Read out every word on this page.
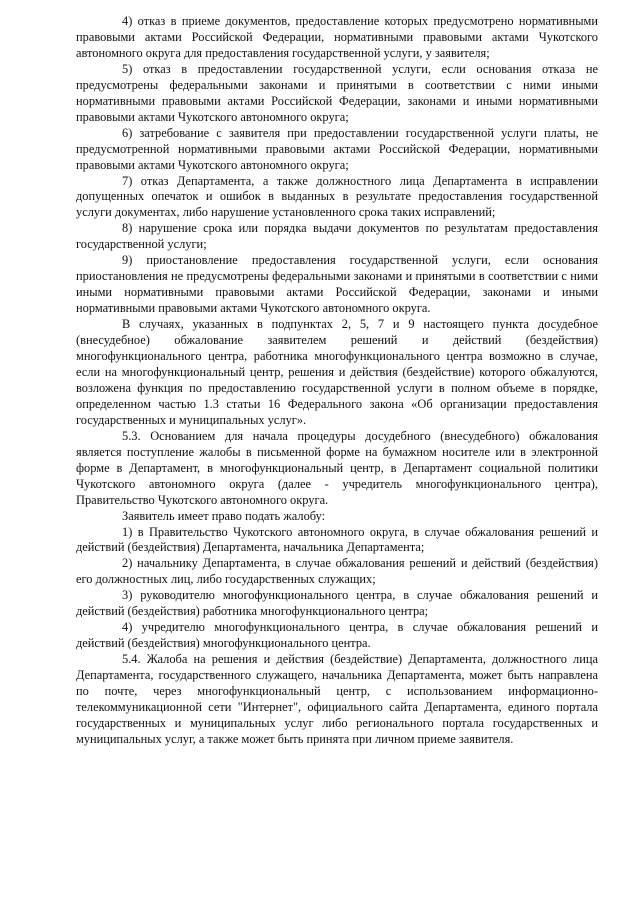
4) отказ в приеме документов, предоставление которых предусмотрено нормативными правовыми актами Российской Федерации, нормативными правовыми актами Чукотского автономного округа для предоставления государственной услуги, у заявителя;

5) отказ в предоставлении государственной услуги, если основания отказа не предусмотрены федеральными законами и принятыми в соответствии с ними иными нормативными правовыми актами Российской Федерации, законами и иными нормативными правовыми актами Чукотского автономного округа;

6) затребование с заявителя при предоставлении государственной услуги платы, не предусмотренной нормативными правовыми актами Российской Федерации, нормативными правовыми актами Чукотского автономного округа;

7) отказ Департамента, а также должностного лица Департамента в исправлении допущенных опечаток и ошибок в выданных в результате предоставления государственной услуги документах, либо нарушение установленного срока таких исправлений;

8) нарушение срока или порядка выдачи документов по результатам предоставления государственной услуги;

9) приостановление предоставления государственной услуги, если основания приостановления не предусмотрены федеральными законами и принятыми в соответствии с ними иными нормативными правовыми актами Российской Федерации, законами и иными нормативными правовыми актами Чукотского автономного округа.

В случаях, указанных в подпунктах 2, 5, 7 и 9 настоящего пункта досудебное (внесудебное) обжалование заявителем решений и действий (бездействия) многофункционального центра, работника многофункционального центра возможно в случае, если на многофункциональный центр, решения и действия (бездействие) которого обжалуются, возложена функция по предоставлению государственной услуги в полном объеме в порядке, определенном частью 1.3 статьи 16 Федерального закона «Об организации предоставления государственных и муниципальных услуг».

5.3. Основанием для начала процедуры досудебного (внесудебного) обжалования является поступление жалобы в письменной форме на бумажном носителе или в электронной форме в Департамент, в многофункциональный центр, в Департамент социальной политики Чукотского автономного округа (далее - учредитель многофункционального центра), Правительство Чукотского автономного округа.

Заявитель имеет право подать жалобу:

1) в Правительство Чукотского автономного округа, в случае обжалования решений и действий (бездействия) Департамента, начальника Департамента;

2) начальнику Департамента, в случае обжалования решений и действий (бездействия) его должностных лиц, либо государственных служащих;

3) руководителю многофункционального центра, в случае обжалования решений и действий (бездействия) работника многофункционального центра;

4) учредителю многофункционального центра, в случае обжалования решений и действий (бездействия) многофункционального центра.

5.4. Жалоба на решения и действия (бездействие) Департамента, должностного лица Департамента, государственного служащего, начальника Департамента, может быть направлена по почте, через многофункциональный центр, с использованием информационно-телекоммуникационной сети "Интернет", официального сайта Департамента, единого портала государственных и муниципальных услуг либо регионального портала государственных и муниципальных услуг, а также может быть принята при личном приеме заявителя.
